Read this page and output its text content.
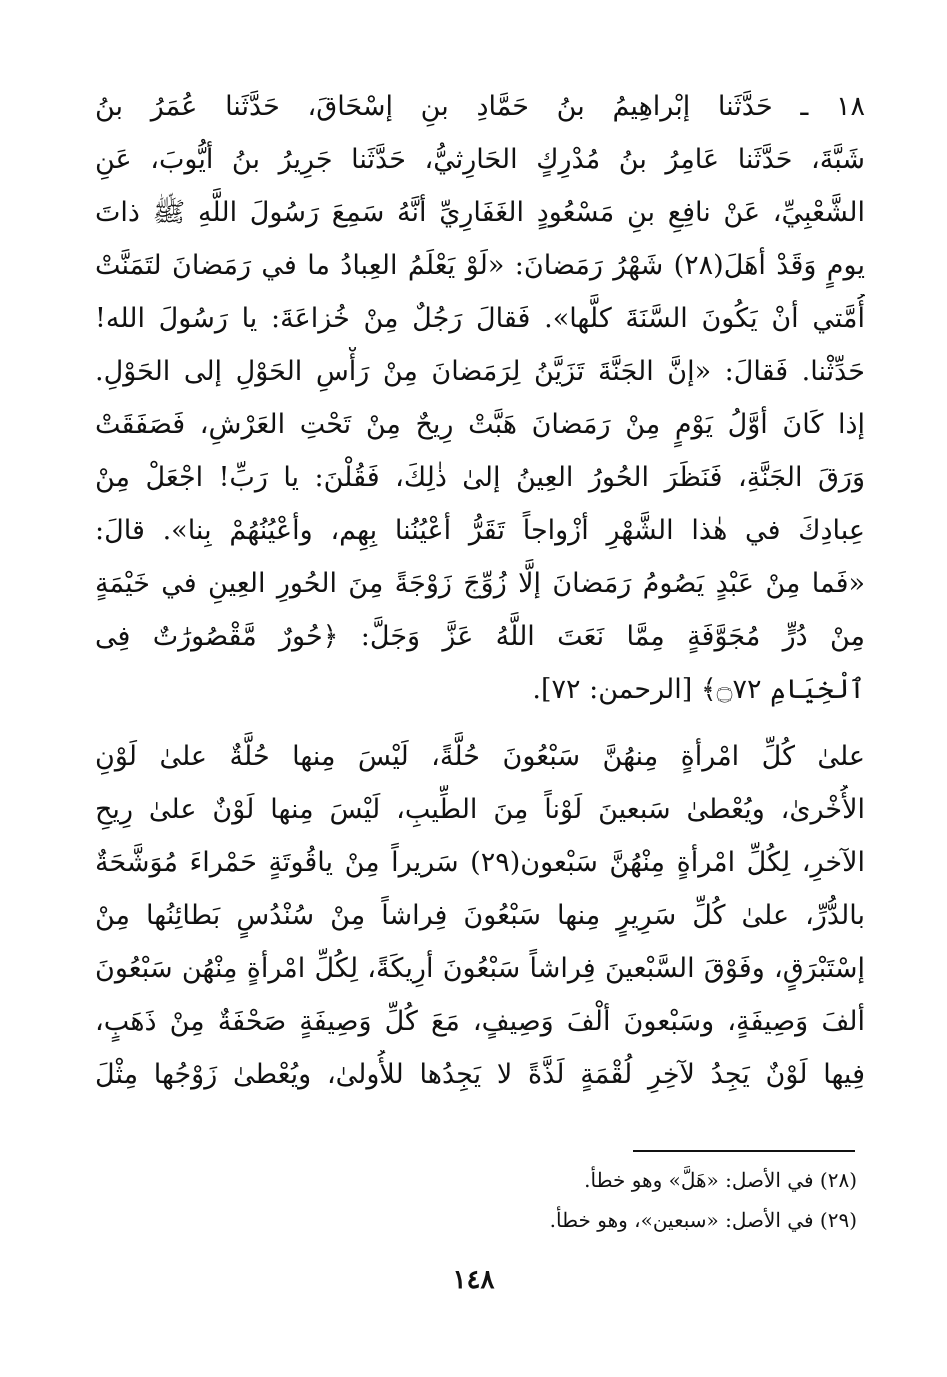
١٨ ـ حَدَّثَنا إبْراهِيمُ بنُ حَمَّادِ بنِ إسْحَاقَ، حَدَّثَنا عُمَرُ بنُ
شَبَّةَ، حَدَّثَنا عَامِرُ بنُ مُدْرِكٍ الحَارِثيُّ، حَدَّثَنا جَرِيرُ بنُ أيُّوبَ، عَنِ
الشَّعْبِيِّ، عَنْ نافِعِ بنِ مَسْعُودٍ الغَفَارِيِّ أنَّهُ سَمِعَ رَسُولَ اللَّهِ ﷺ ذاتَ
يومٍ وَقَدْ أهَلَ(٢٨) شَهْرُ رَمَضانَ: «لَوْ يَعْلَمُ العِبادُ ما في رَمَضانَ لتَمَنَّتْ
أُمَّتي أنْ يَكُونَ السَّنَةَ كلَّها». فَقالَ رَجُلٌ مِنْ خُزاعَةَ: يا رَسُولَ الله!
حَدِّثْنا. فَقالَ: «إنَّ الجَنَّةَ تَزَيَّنُ لِرَمَضانَ مِنْ رَأْسِ الحَوْلِ إلى الحَوْلِ.
إذا كَانَ أوَّلُ يَوْمٍ مِنْ رَمَضانَ هَبَّتْ رِيحٌ مِنْ تَحْتِ العَرْشِ، فَصَفَقَتْ
وَرَقَ الجَنَّةِ، فَنَظَرَ الحُورُ العِينُ إلىٰ ذٰلِكَ، فَقُلْنَ: يا رَبِّ! اجْعَلْ مِنْ
عِبادِكَ في هٰذا الشَّهْرِ أزْواجاً تَقَرُّ أعْيُنُنا بِهِم، وأعْيُنُهُمْ بِنا». قالَ:
«فَما مِنْ عَبْدٍ يَصُومُ رَمَضانَ إلَّا زُوِّجَ زَوْجَةً مِنَ الحُورِ العِينِ في خَيْمَةٍ
مِنْ دُرٍّ مُجَوَّفَةٍ مِمَّا نَعَتَ اللَّهُ عَزَّ وَجَلَّ: ﴿حُورٌ مَّقْصُورَٰتٌ فِى
ٱلْخِيَامِ ۝٧٢﴾ [الرحمن: ٧٢].
علىٰ كُلِّ امْرأةٍ مِنهُنَّ سَبْعُونَ حُلَّةً، لَيْسَ مِنها حُلَّةٌ علىٰ لَوْنِ
الأُخْرىٰ، ويُعْطىٰ سَبعينَ لَوْناً مِنَ الطِّيبِ، لَيْسَ مِنها لَوْنٌ علىٰ رِيحِ
الآخرِ، لِكُلِّ امْرأةٍ مِنْهُنَّ سَبْعون(٢٩) سَريراً مِنْ ياقُوتَةٍ حَمْراءَ مُوَشَّحَةٌ
بالدُّرِّ، علىٰ كُلِّ سَرِيرٍ مِنها سَبْعُونَ فِراشاً مِنْ سُنْدُسٍ بَطائِنُها مِنْ
إسْتَبْرَقٍ، وفَوْقَ السَّبْعينَ فِراشاً سَبْعُونَ أرِيكَةً، لِكُلِّ امْرأةٍ مِنْهُن سَبْعُونَ
ألفَ وَصِيفَةٍ، وسَبْعونَ ألْفَ وَصِيفٍ، مَعَ كُلِّ وَصِيفَةٍ صَحْفَةٌ مِنْ ذَهَبٍ،
فِيها لَوْنٌ يَجِدُ لآخِرِ لُقْمَةٍ لَذَّةً لا يَجِدُها للأُولىٰ، ويُعْطىٰ زَوْجُها مِثْلَ
(٢٨) في الأصل: «هَلَّ» وهو خطأ.
(٢٩) في الأصل: «سبعين»، وهو خطأ.
١٤٨
